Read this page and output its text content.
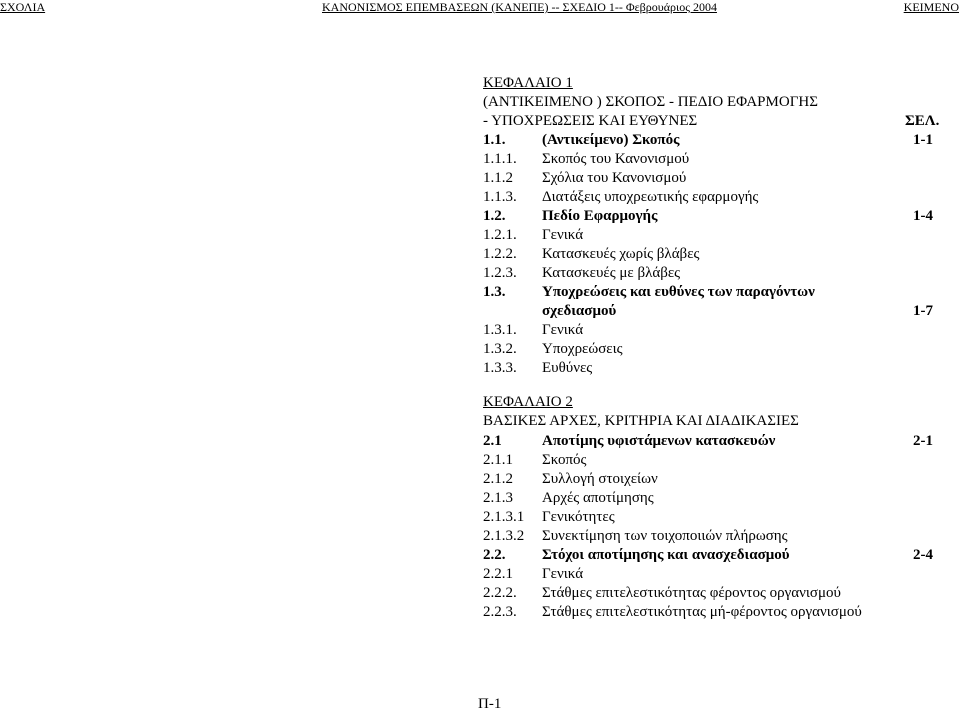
ΣΧΟΛΙΑ	ΚΑΝΟΝΙΣΜΟΣ ΕΠΕΜΒΑΣΕΩΝ (ΚΑΝΕΠΕ) -- ΣΧΕΔΙΟ 1-- Φεβρουάριος 2004	ΚΕΙΜΕΝΟ
ΚΕΦΑΛΑΙΟ 1
(ΑΝΤΙΚΕΙΜΕΝΟ ) ΣΚΟΠΟΣ - ΠΕΔΙΟ ΕΦΑΡΜΟΓΗΣ
- ΥΠΟΧΡΕΩΣΕΙΣ ΚΑΙ ΕΥΘΥΝΕΣ	ΣΕΛ.
1.1. (Αντικείμενο) Σκοπός	1-1
1.1.1. Σκοπός του Κανονισμού
1.1.2 Σχόλια του Κανονισμού
1.1.3. Διατάξεις υποχρεωτικής εφαρμογής
1.2. Πεδίο Εφαρμογής	1-4
1.2.1. Γενικά
1.2.2. Κατασκευές χωρίς βλάβες
1.2.3. Κατασκευές με βλάβες
1.3. Υποχρεώσεις και ευθύνες των παραγόντων
σχεδιασμού	1-7
1.3.1. Γενικά
1.3.2. Υποχρεώσεις
1.3.3. Ευθύνες
ΚΕΦΑΛΑΙΟ 2
ΒΑΣΙΚΕΣ ΑΡΧΕΣ, ΚΡΙΤΗΡΙΑ ΚΑΙ ΔΙΑΔΙΚΑΣΙΕΣ
2.1	Αποτίμης υφιστάμενων κατασκευών	2-1
2.1.1 Σκοπός
2.1.2 Συλλογή στοιχείων
2.1.3 Αρχές αποτίμησης
2.1.3.1 Γενικότητες
2.1.3.2 Συνεκτίμηση των τοιχοποιιών πλήρωσης
2.2. Στόχοι αποτίμησης και ανασχεδιασμού	2-4
2.2.1 Γενικά
2.2.2. Στάθμες επιτελεστικότητας φέροντος οργανισμού
2.2.3. Στάθμες επιτελεστικότητας μή-φέροντος οργανισμού
Π-1
